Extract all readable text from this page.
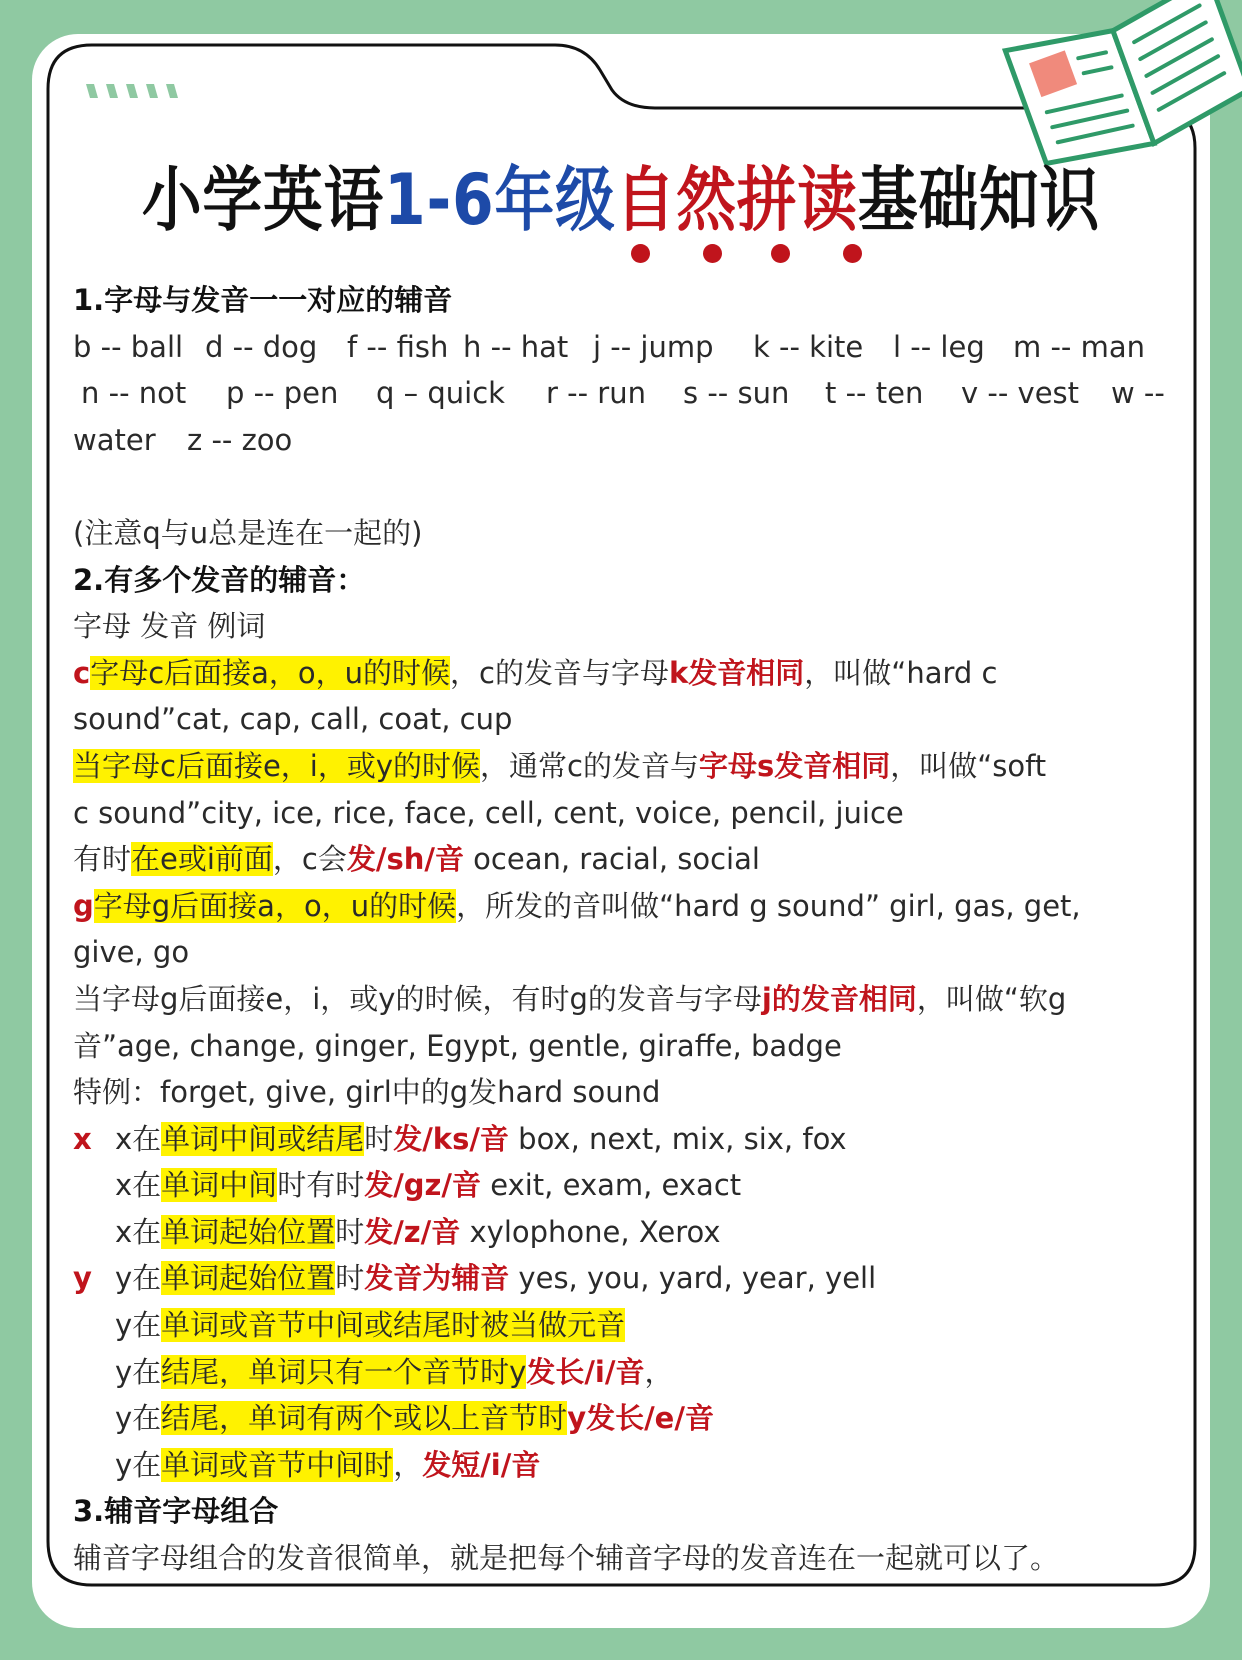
小学英语1-6年级自然拼读基础知识
1.字母与发音一一对应的辅音
b -- ball d -- dog f -- fish h -- hat j -- jump k -- kite l -- leg m -- man
n -- not p -- pen q – quick r -- run s -- sun t -- ten v -- vest w --
water z -- zoo
(注意q与u总是连在一起的)
2.有多个发音的辅音：
字母 发音 例词
c字母c后面接a，o，u的时候，c的发音与字母k发音相同，叫做“hard c
sound”cat, cap, call, coat, cup
当字母c后面接e，i，或y的时候，通常c的发音与字母s发音相同，叫做“soft
c sound”city, ice, rice, face, cell, cent, voice, pencil, juice
有时在e或i前面，c会发/sh/音 ocean, racial, social
g字母g后面接a，o，u的时候，所发的音叫做“hard g sound” girl, gas, get,
give, go
当字母g后面接e，i，或y的时候，有时g的发音与字母j的发音相同，叫做“软g
音”age, change, ginger, Egypt, gentle, giraffe, badge
特例：forget, give, girl中的g发hard sound
x x在单词中间或结尾时发/ks/音 box, next, mix, six, fox
x在单词中间时有时发/gz/音 exit, exam, exact
x在单词起始位置时发/z/音 xylophone, Xerox
y y在单词起始位置时发音为辅音 yes, you, yard, year, yell
y在单词或音节中间或结尾时被当做元音
y在结尾，单词只有一个音节时y发长/i/音，
y在结尾，单词有两个或以上音节时y发长/e/音
y在单词或音节中间时，发短/i/音
3.辅音字母组合
辅音字母组合的发音很简单，就是把每个辅音字母的发音连在一起就可以了。
